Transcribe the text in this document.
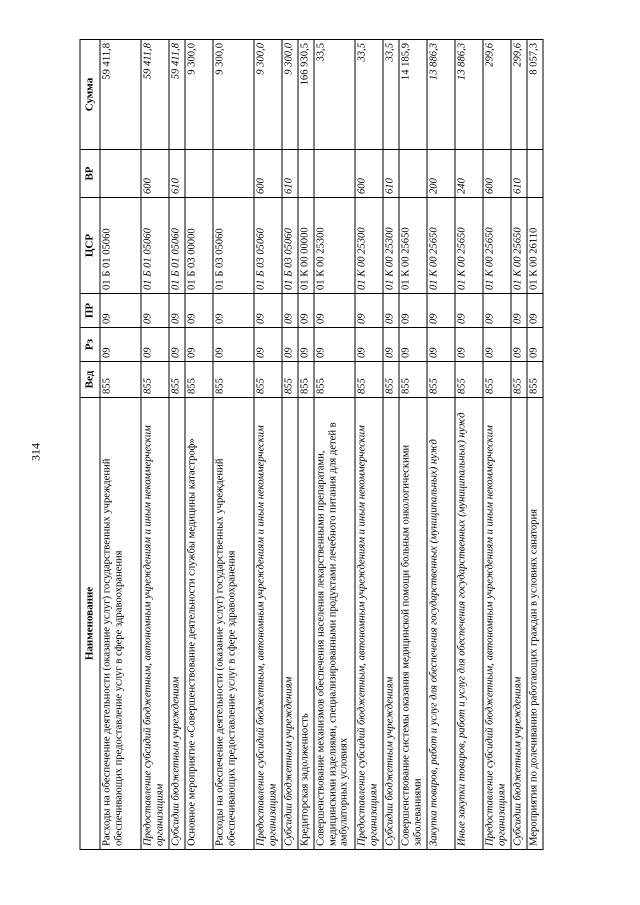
314
Наименование	Вед	Рз	ПР	ЦСР	ВР	Сумма
Расходы на обеспечение деятельности (оказание услуг) государственных учреждений обеспечивающих предоставление услуг в сфере здравоохранения	855	09	09	01 Б 01 05060		59 411,8
Предоставление субсидий бюджетным, автономным учреждениям и иным некоммерческим организациям	855	09	09	01 Б 01 05060	600	59 411,8
Субсидии бюджетным учреждениям	855	09	09	01 Б 01 05060	610	59 411,8
Основное мероприятие «Совершенствование деятельности службы медицины катастроф»	855	09	09	01 Б 03 00000		9 300,0
Расходы на обеспечение деятельности (оказание услуг) государственных учреждений обеспечивающих предоставление услуг в сфере здравоохранения	855	09	09	01 Б 03 05060		9 300,0
Предоставление субсидий бюджетным, автономным учреждениям и иным некоммерческим организациям	855	09	09	01 Б 03 05060	600	9 300,0
Субсидии бюджетным учреждениям	855	09	09	01 Б 03 05060	610	9 300,0
Кредиторская задолженность	855	09	09	01 К 00 00000		166 930,5
Совершенствование механизмов обеспечения населения лекарственными препаратами, медицинскими изделиями, специализированными продуктами лечебного питания для детей в амбулаторных условиях	855	09	09	01 К 00 25300		33,5
Предоставление субсидий бюджетным, автономным учреждениям и иным некоммерческим организациям	855	09	09	01 К 00 25300	600	33,5
Субсидии бюджетным учреждениям	855	09	09	01 К 00 25300	610	33,5
Совершенствование системы оказания медицинской помощи больным онкологическими заболеваниями	855	09	09	01 К 00 25650		14 185,9
Закупка товаров, работ и услуг для обеспечения государственных (муниципальных) нужд	855	09	09	01 К 00 25650	200	13 886,3
Иные закупки товаров, работ и услуг для обеспечения государственных (муниципальных) нужд	855	09	09	01 К 00 25650	240	13 886,3
Предоставление субсидий бюджетным, автономным учреждениям и иным некоммерческим организациям	855	09	09	01 К 00 25650	600	299,6
Субсидии бюджетным учреждениям	855	09	09	01 К 00 25650	610	299,6
Мероприятия по долечиванию работающих граждан в условиях санатория	855	09	09	01 К 00 26110		8 057,3
